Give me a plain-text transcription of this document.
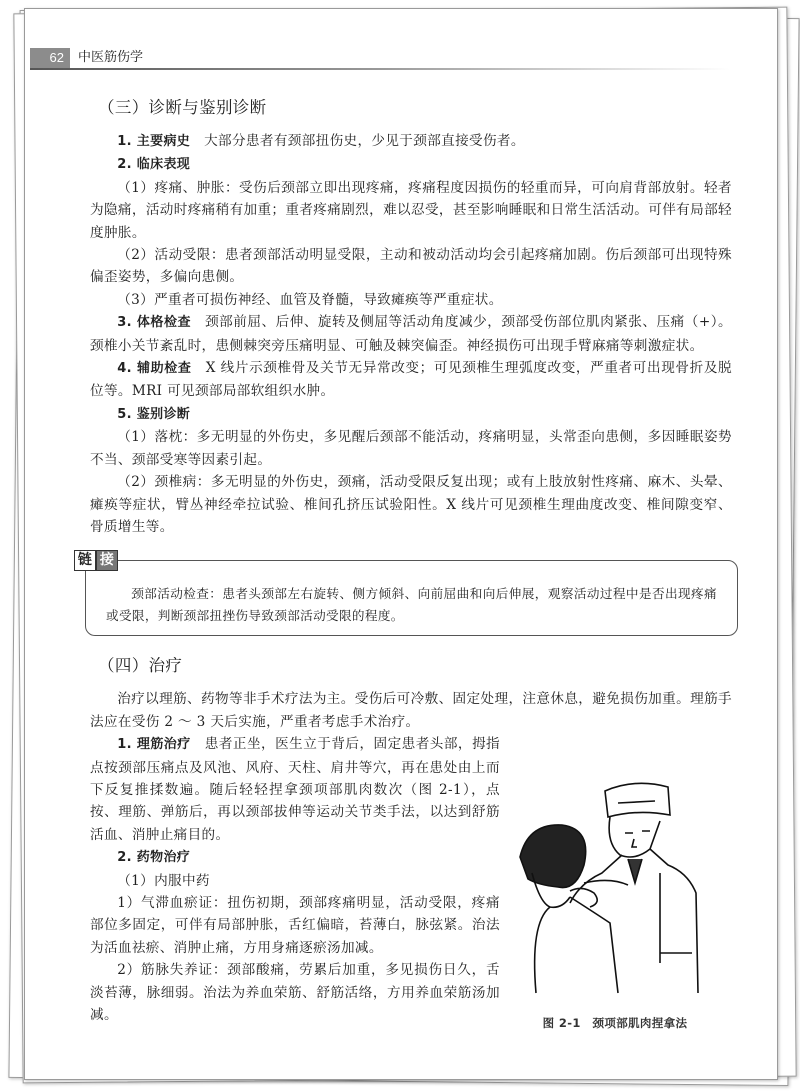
62	中医筋伤学
（三）诊断与鉴别诊断

1. 主要病史　大部分患者有颈部扭伤史，少见于颈部直接受伤者。

2. 临床表现

（1）疼痛、肿胀：受伤后颈部立即出现疼痛，疼痛程度因损伤的轻重而异，可向肩背部放射。轻者为隐痛，活动时疼痛稍有加重；重者疼痛剧烈，难以忍受，甚至影响睡眠和日常生活活动。可伴有局部轻度肿胀。

（2）活动受限：患者颈部活动明显受限，主动和被动活动均会引起疼痛加剧。伤后颈部可出现特殊偏歪姿势，多偏向患侧。

（3）严重者可损伤神经、血管及脊髓，导致瘫痪等严重症状。

3. 体格检查　颈部前屈、后伸、旋转及侧屈等活动角度减少，颈部受伤部位肌肉紧张、压痛（+）。颈椎小关节紊乱时，患侧棘突旁压痛明显、可触及棘突偏歪。神经损伤可出现手臂麻痛等刺激症状。

4. 辅助检查　X 线片示颈椎骨及关节无异常改变；可见颈椎生理弧度改变，严重者可出现骨折及脱位等。MRI 可见颈部局部软组织水肿。

5. 鉴别诊断

（1）落枕：多无明显的外伤史，多见醒后颈部不能活动，疼痛明显，头常歪向患侧，多因睡眠姿势不当、颈部受寒等因素引起。

（2）颈椎病：多无明显的外伤史，颈痛，活动受限反复出现；或有上肢放射性疼痛、麻木、头晕、瘫痪等症状，臂丛神经牵拉试验、椎间孔挤压试验阳性。X 线片可见颈椎生理曲度改变、椎间隙变窄、骨质增生等。

颈部活动检查：患者头颈部左右旋转、侧方倾斜、向前屈曲和向后伸展，观察活动过程中是否出现疼痛或受限，判断颈部扭挫伤导致颈部活动受限的程度。

链 接
（四）治疗

治疗以理筋、药物等非手术疗法为主。受伤后可冷敷、固定处理，注意休息，避免损伤加重。理筋手法应在受伤 2 ～ 3 天后实施，严重者考虑手术治疗。

1. 理筋治疗　患者正坐，医生立于背后，固定患者头部，拇指点按颈部压痛点及风池、风府、天柱、肩井等穴，再在患处由上而下反复推揉数遍。随后轻轻捏拿颈项部肌肉数次（图 2-1），点按、理筋、弹筋后，再以颈部拔伸等运动关节类手法，以达到舒筋活血、消肿止痛目的。

2. 药物治疗

（1）内服中药

1）气滞血瘀证：扭伤初期，颈部疼痛明显，活动受限，疼痛部位多固定，可伴有局部肿胀，舌红偏暗，苔薄白，脉弦紧。治法为活血祛瘀、消肿止痛，方用身痛逐瘀汤加减。

2）筋脉失养证：颈部酸痛，劳累后加重，多见损伤日久，舌淡苔薄，脉细弱。治法为养血荣筋、舒筋活络，方用养血荣筋汤加减。	图 2-1　颈项部肌肉捏拿法
